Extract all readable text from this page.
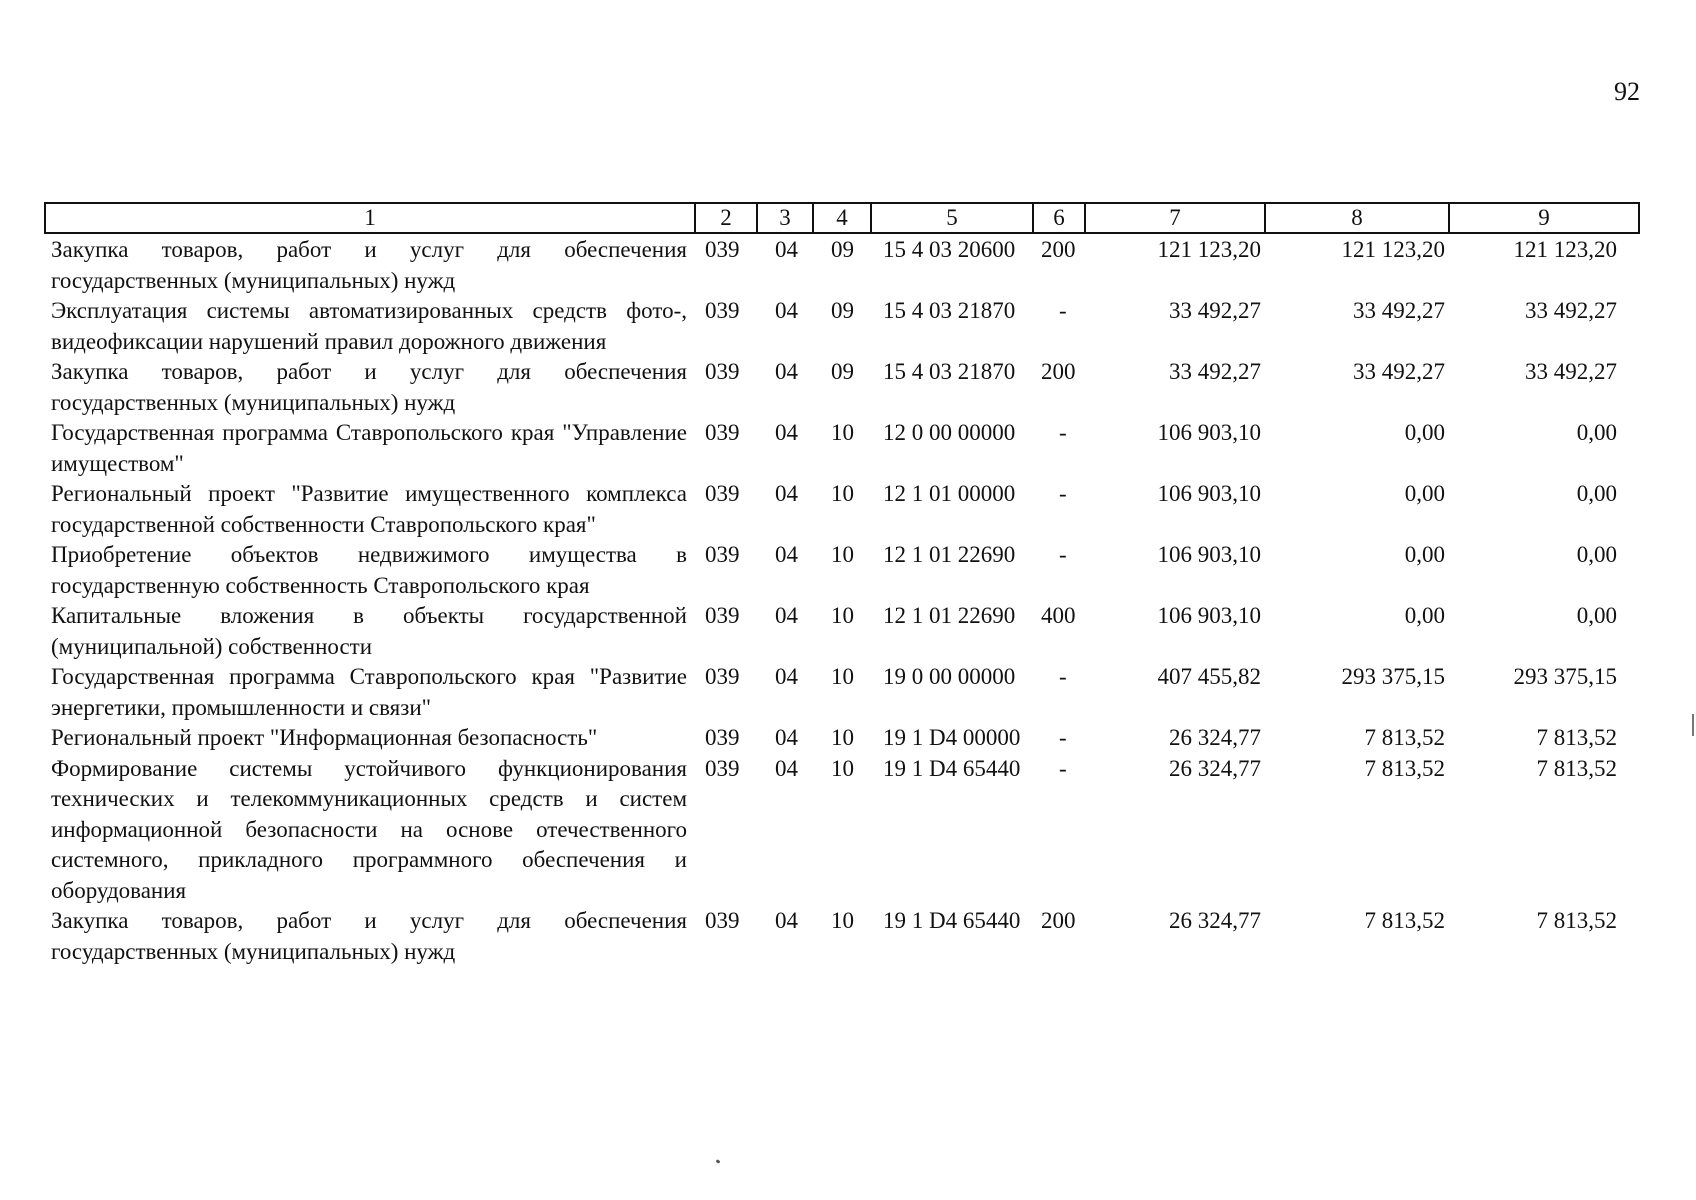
92
1	2	3	4	5	6	7	8	9
Закупка товаров, работ и услуг для обеспечения государственных (муниципальных) нужд	039	04	09	15 4 03 20600	200	121 123,20	121 123,20	121 123,20
Эксплуатация системы автоматизированных средств фото-, видеофиксации нарушений правил дорожного движения	039	04	09	15 4 03 21870	-	33 492,27	33 492,27	33 492,27
Закупка товаров, работ и услуг для обеспечения государственных (муниципальных) нужд	039	04	09	15 4 03 21870	200	33 492,27	33 492,27	33 492,27
Государственная программа Ставропольского края "Управление имуществом"	039	04	10	12 0 00 00000	-	106 903,10	0,00	0,00
Региональный проект "Развитие имущественного комплекса государственной собственности Ставропольского края"	039	04	10	12 1 01 00000	-	106 903,10	0,00	0,00
Приобретение объектов недвижимого имущества в государственную собственность Ставропольского края	039	04	10	12 1 01 22690	-	106 903,10	0,00	0,00
Капитальные вложения в объекты государственной (муниципальной) собственности	039	04	10	12 1 01 22690	400	106 903,10	0,00	0,00
Государственная программа Ставропольского края "Развитие энергетики, промышленности и связи"	039	04	10	19 0 00 00000	-	407 455,82	293 375,15	293 375,15
Региональный проект "Информационная безопасность"	039	04	10	19 1 D4 00000	-	26 324,77	7 813,52	7 813,52
Формирование системы устойчивого функционирования технических и телекоммуникационных средств и систем информационной безопасности на основе отечественного системного, прикладного программного обеспечения и оборудования	039	04	10	19 1 D4 65440	-	26 324,77	7 813,52	7 813,52
Закупка товаров, работ и услуг для обеспечения государственных (муниципальных) нужд	039	04	10	19 1 D4 65440	200	26 324,77	7 813,52	7 813,52
